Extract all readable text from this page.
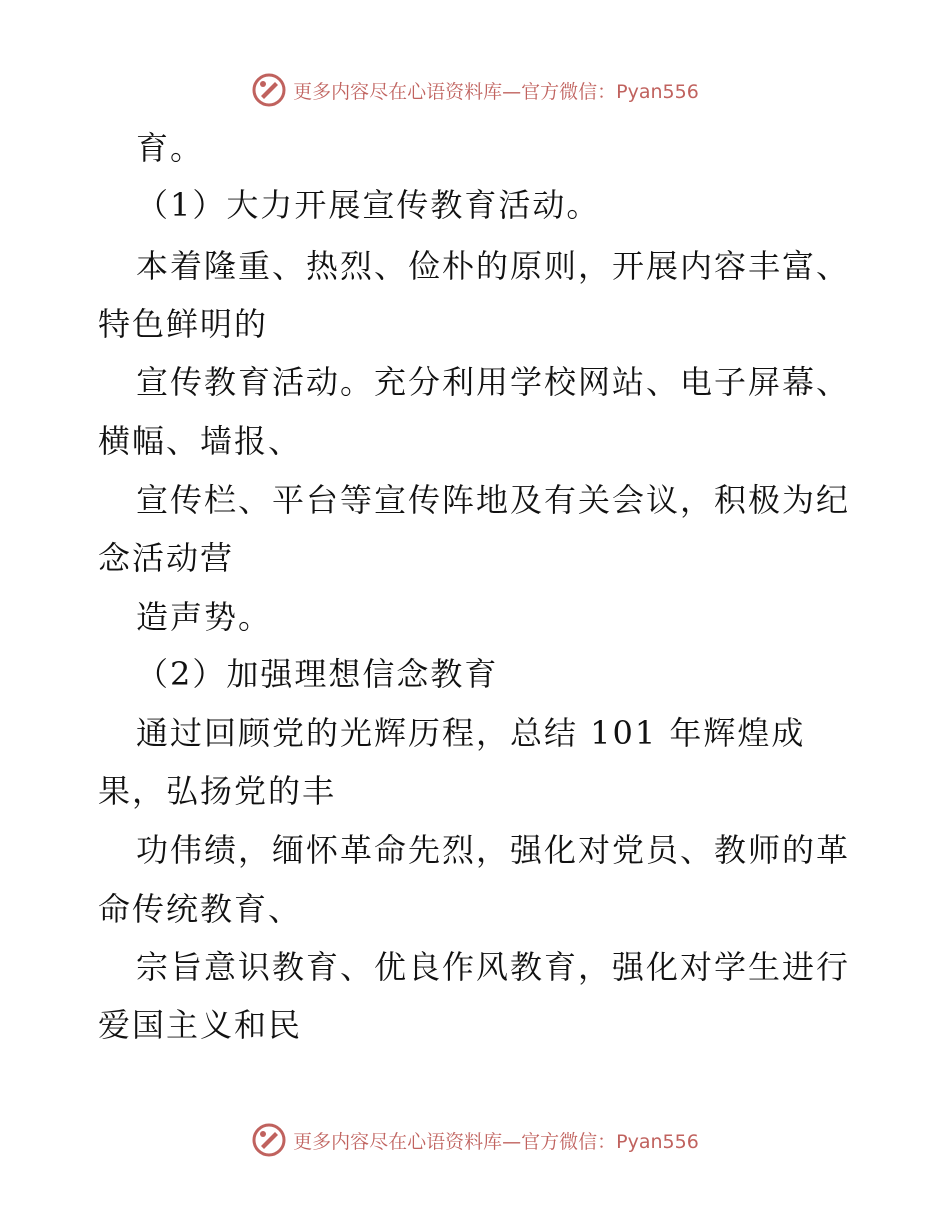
更多内容尽在心语资料库—官方微信：Pyan556
育。
（1）大力开展宣传教育活动。
本着隆重、热烈、俭朴的原则，开展内容丰富、
特色鲜明的
宣传教育活动。充分利用学校网站、电子屏幕、
横幅、墙报、
宣传栏、平台等宣传阵地及有关会议，积极为纪
念活动营
造声势。
（2）加强理想信念教育
通过回顾党的光辉历程，总结 101 年辉煌成
果，弘扬党的丰
功伟绩，缅怀革命先烈，强化对党员、教师的革
命传统教育、
宗旨意识教育、优良作风教育，强化对学生进行
爱国主义和民
更多内容尽在心语资料库—官方微信：Pyan556
